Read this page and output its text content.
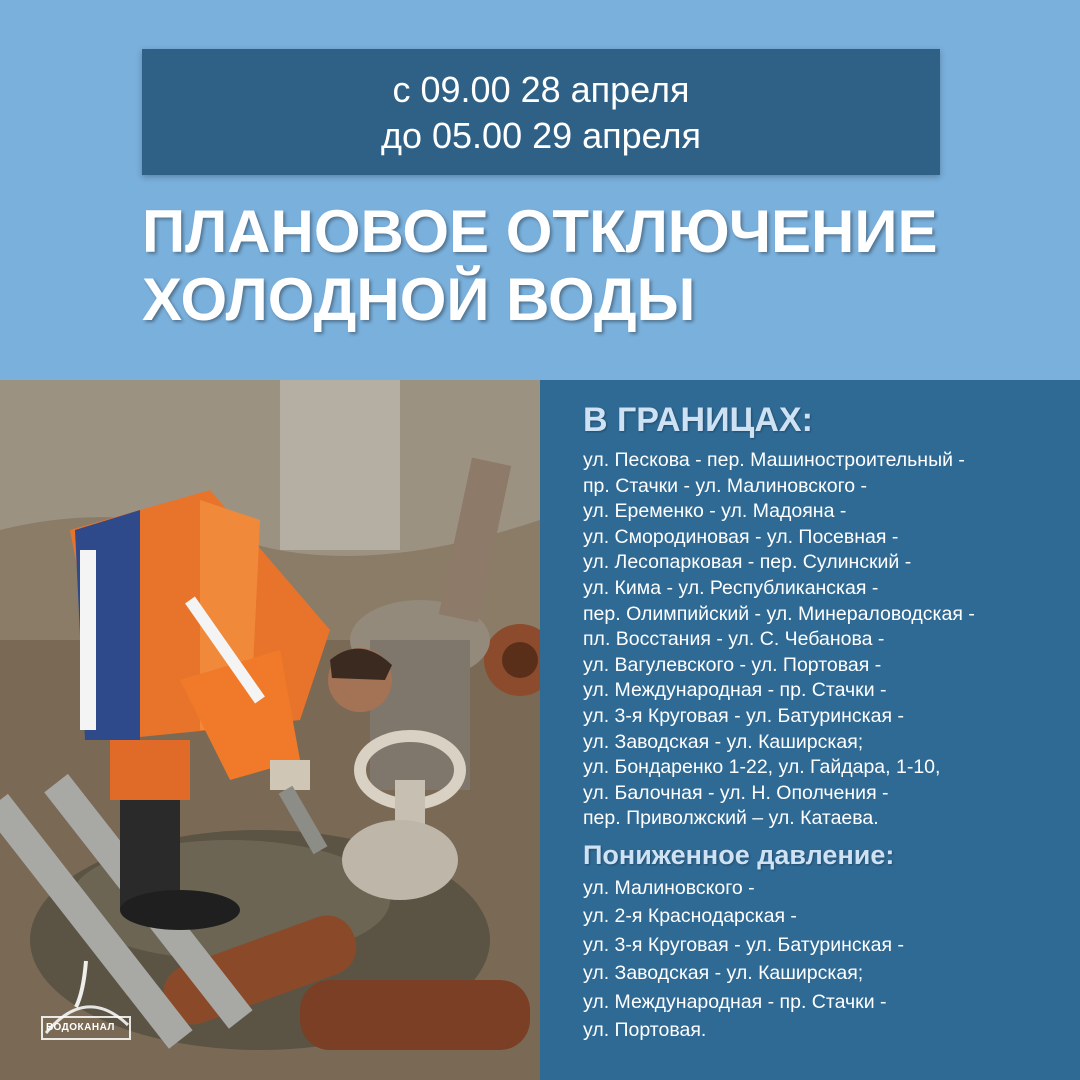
с 09.00 28 апреля
до 05.00 29 апреля
ПЛАНОВОЕ ОТКЛЮЧЕНИЕ
ХОЛОДНОЙ ВОДЫ
ВОДОКАНАЛ
В ГРАНИЦАХ:
ул. Пескова - пер. Машиностроительный -
пр. Стачки - ул. Малиновского -
ул. Еременко - ул. Мадояна -
ул. Смородиновая - ул. Посевная -
ул. Лесопарковая - пер. Сулинский -
ул. Кима - ул. Республиканская -
пер. Олимпийский - ул. Минераловодская -
пл. Восстания - ул. С. Чебанова -
ул. Вагулевского - ул. Портовая -
ул. Международная - пр. Стачки -
ул. 3-я Круговая - ул. Батуринская -
ул. Заводская - ул. Каширская;
ул. Бондаренко 1-22, ул. Гайдара, 1-10,
ул. Балочная - ул. Н. Ополчения -
пер. Приволжский – ул. Катаева.
Пониженное давление:
ул. Малиновского -
ул. 2-я Краснодарская -
ул. 3-я Круговая - ул. Батуринская -
ул. Заводская - ул. Каширская;
ул. Международная - пр. Стачки -
ул. Портовая.
